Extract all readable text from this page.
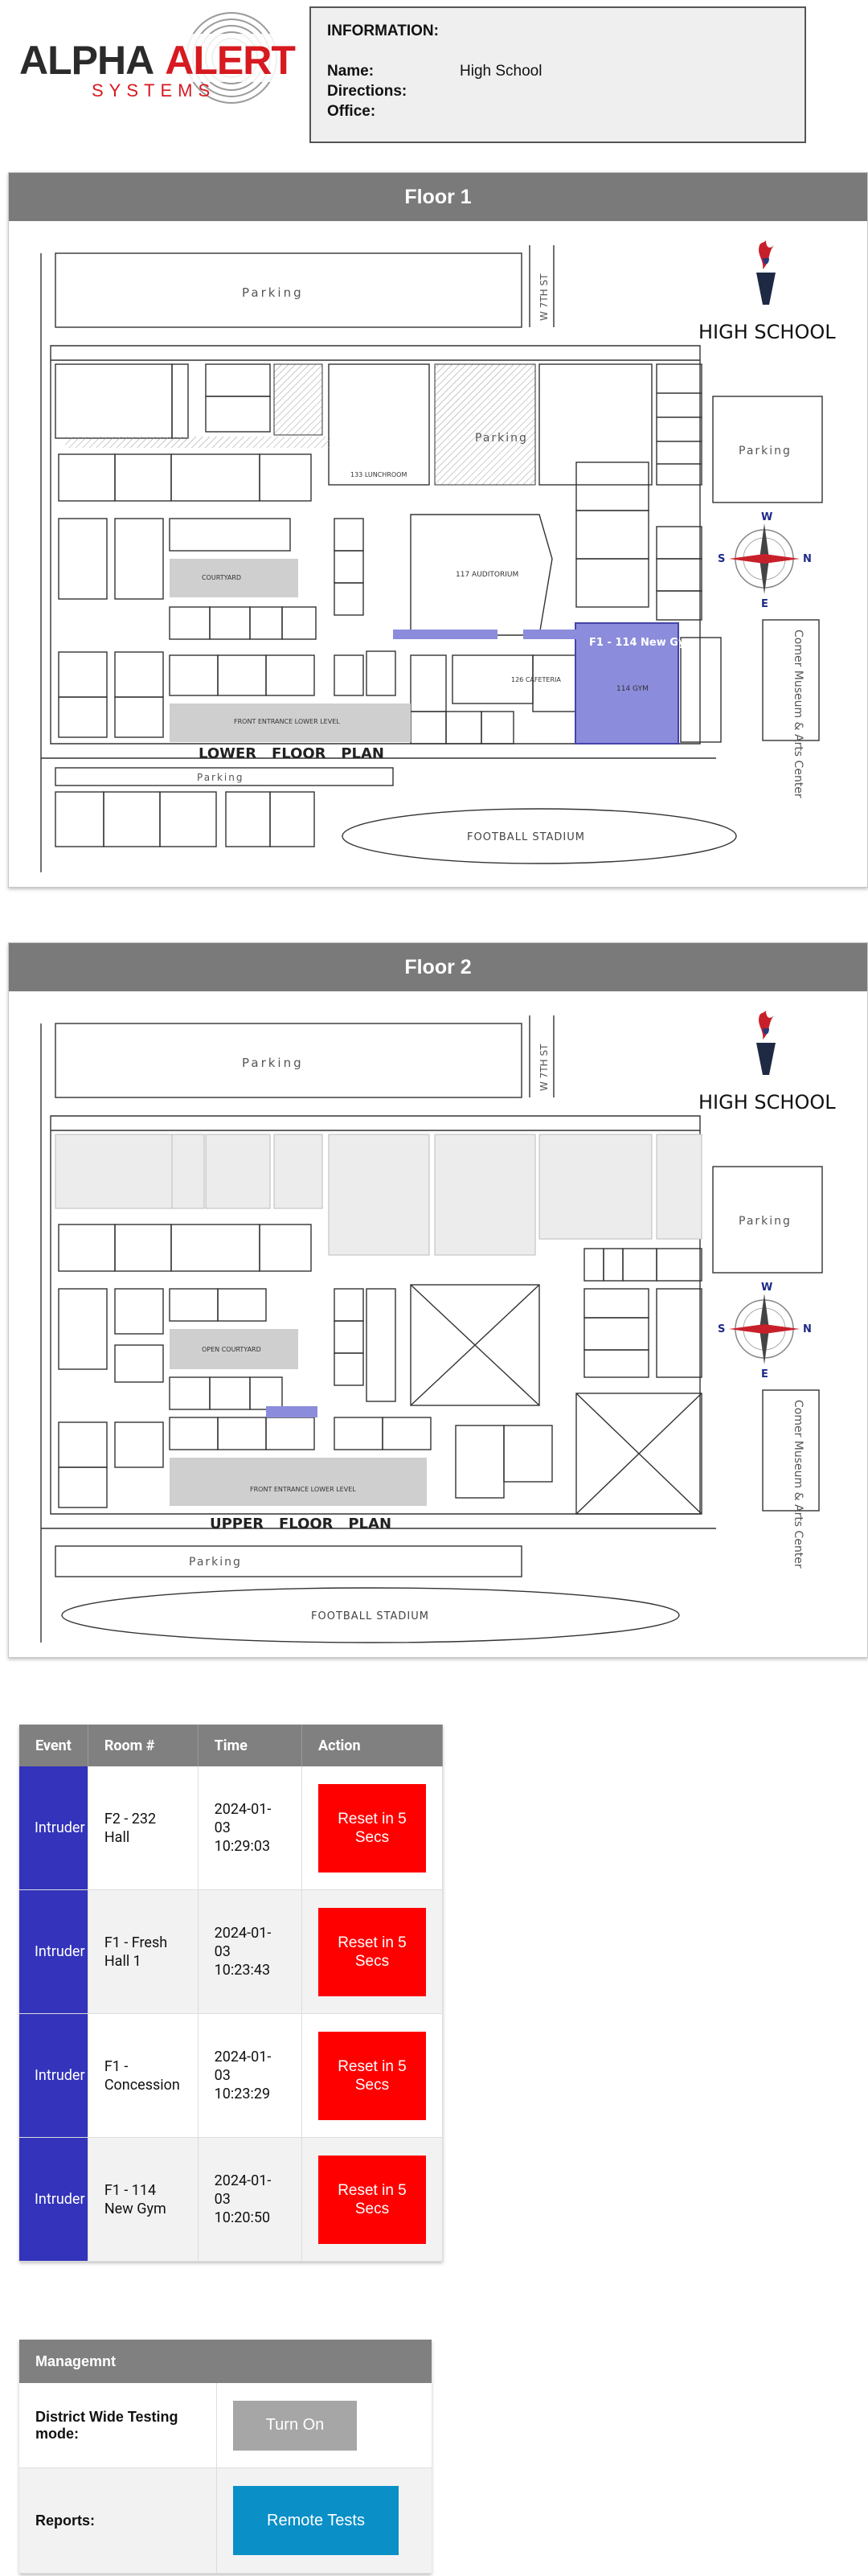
ALPHA ALERT
SYSTEMS
INFORMATION:
Name:	High School
Directions:
Office:
Floor 1
F1 - 114 New Gym
114 GYM
117 AUDITORIUM
126 CAFETERIA
COURTYARD
133 LUNCHROOM
Parking
Parking
Parking
W 7TH ST
Comer Museum & Arts Center
HIGH SCHOOL
LOWER   FLOOR   PLAN
FOOTBALL STADIUM
FRONT ENTRANCE LOWER LEVEL
Parking
W
E
S	N
Floor 2
OPEN COURTYARD
Parking
Parking
Parking
W 7TH ST
Comer Museum & Arts Center
HIGH SCHOOL
UPPER   FLOOR   PLAN
FOOTBALL STADIUM
FRONT ENTRANCE LOWER LEVEL
W
E
S	N
Event	Room #	Time	Action
Intruder	F2 - 232 Hall	2024-01-03 10:29:03	Reset in 5 Secs
Intruder	F1 - Fresh Hall 1	2024-01-03 10:23:43	Reset in 5 Secs
Intruder	F1 - Concession	2024-01-03 10:23:29	Reset in 5 Secs
Intruder	F1 - 114 New Gym	2024-01-03 10:20:50	Reset in 5 Secs
Managemnt
District Wide Testing mode:	Turn On
Reports:	Remote Tests
